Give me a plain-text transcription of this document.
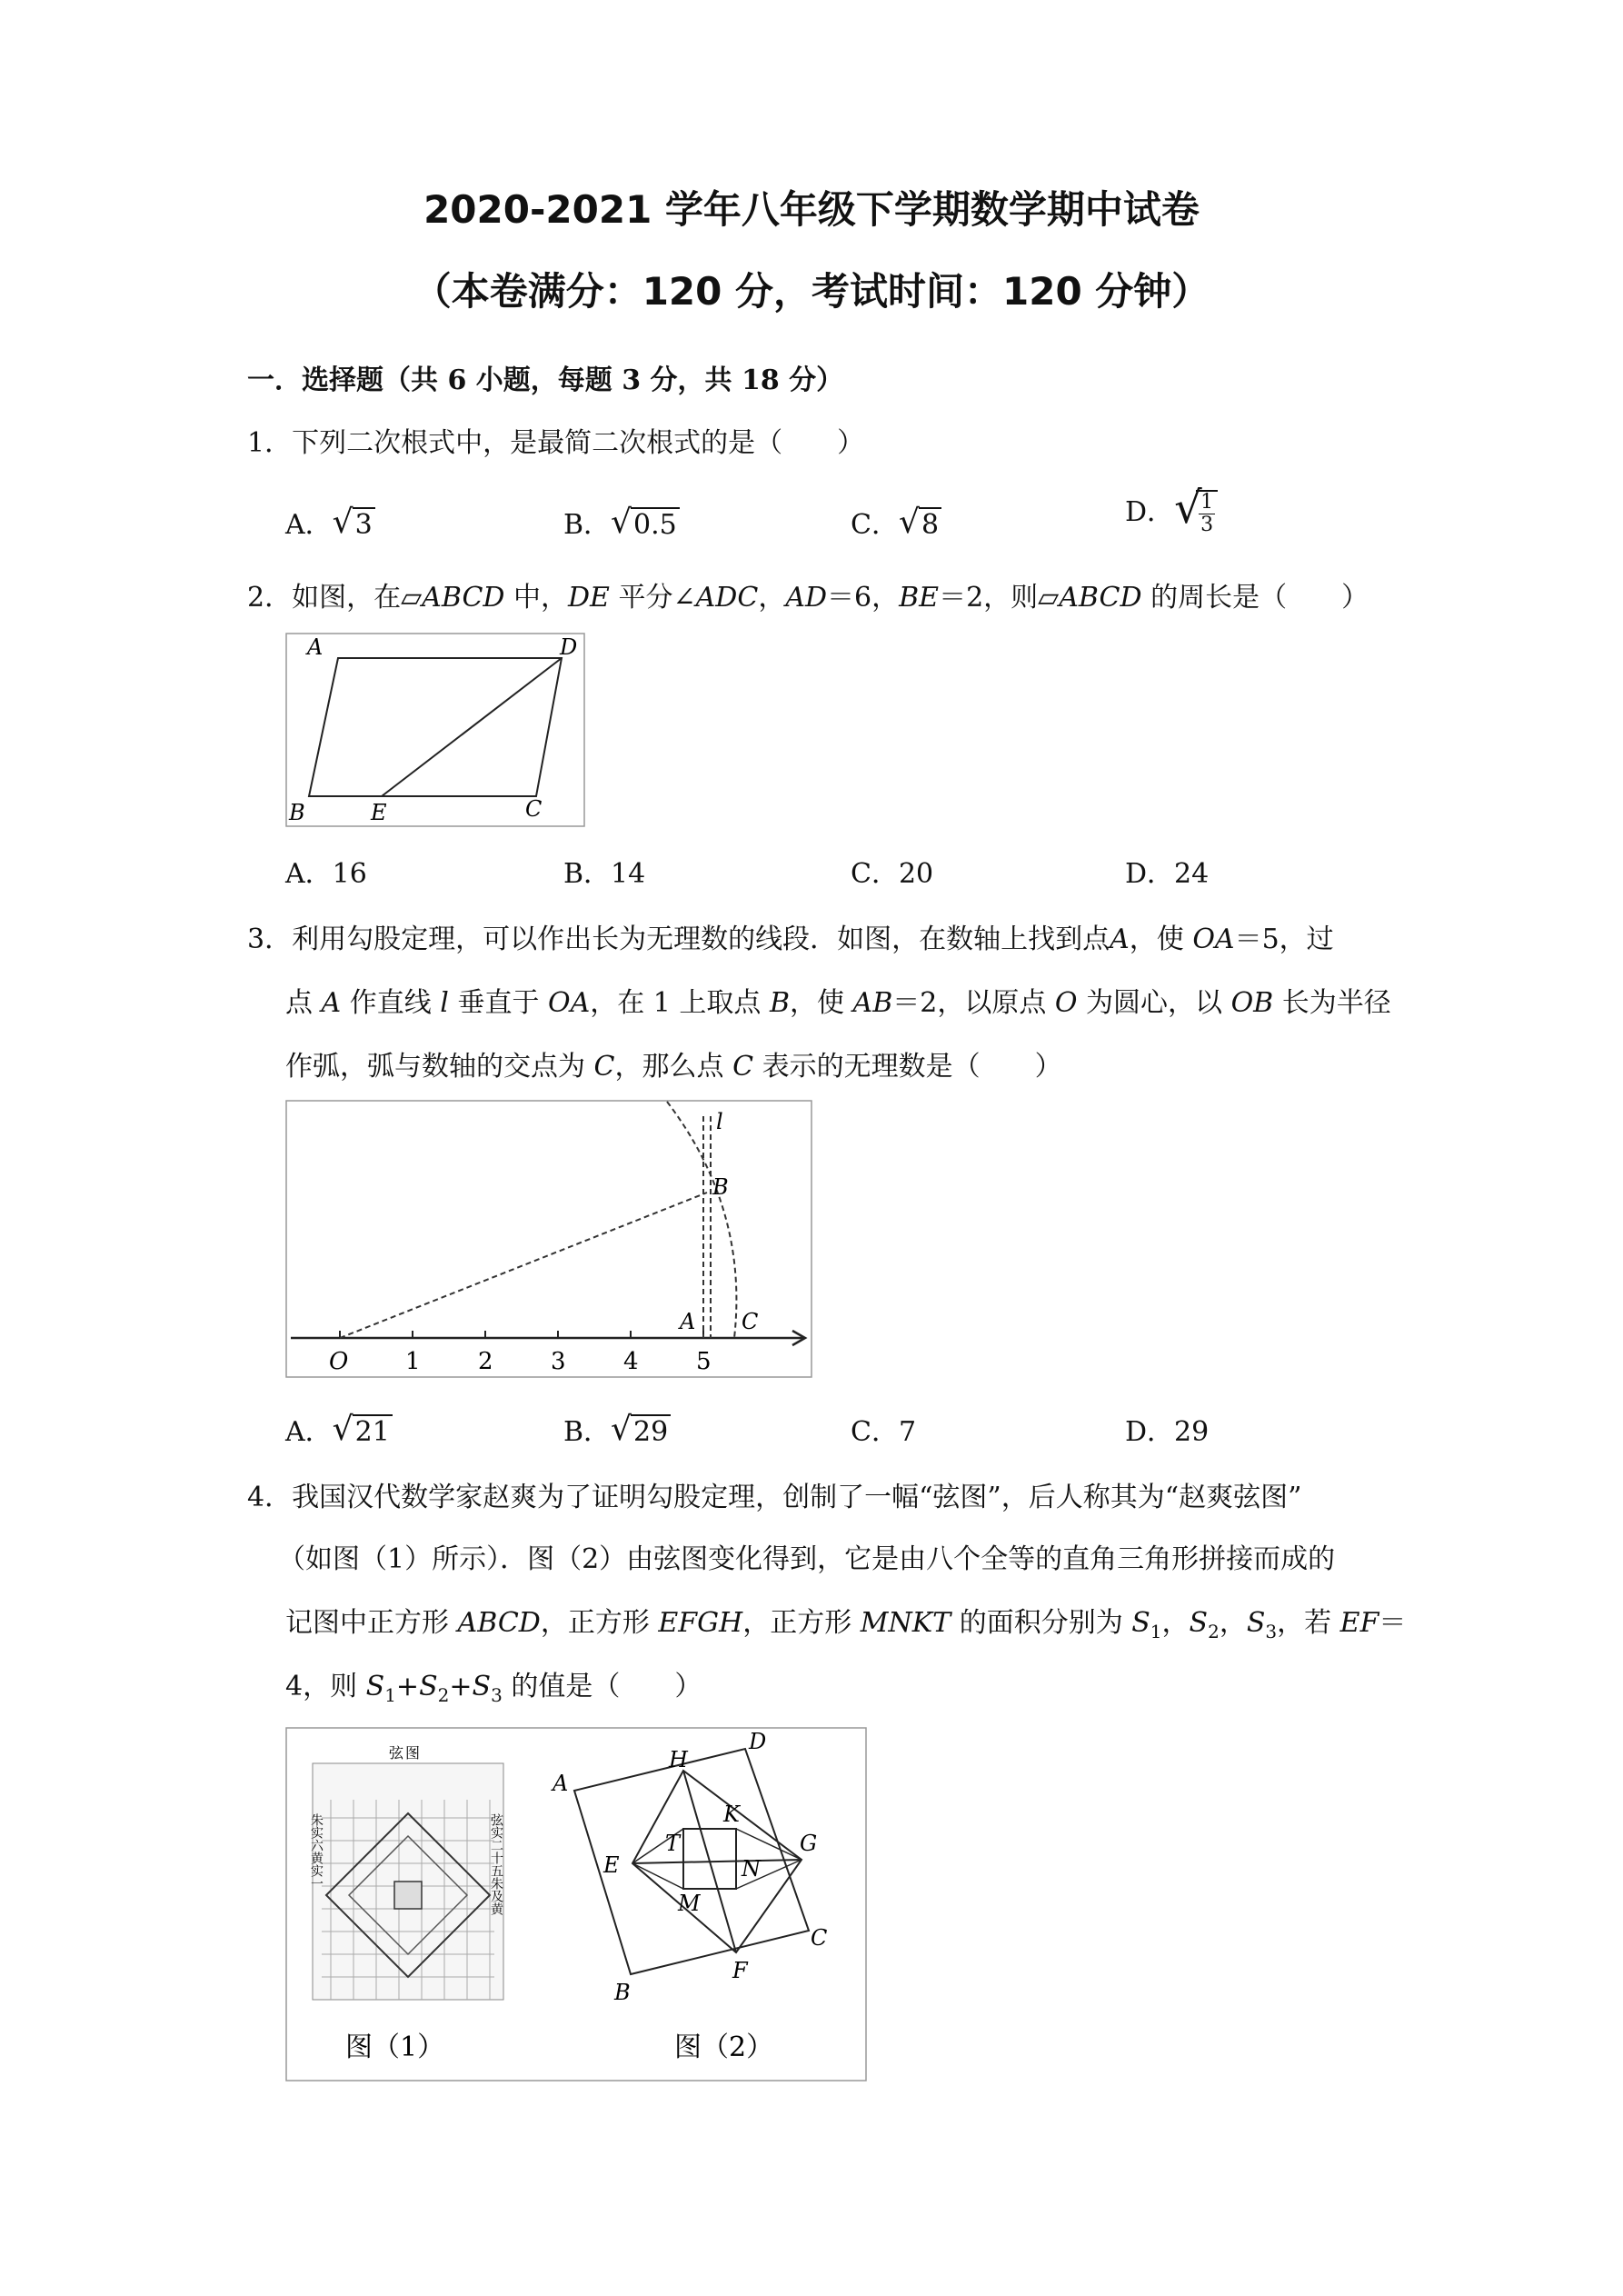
2020-2021 学年八年级下学期数学期中试卷
（本卷满分：120 分，考试时间：120 分钟）
一．选择题（共 6 小题，每题 3 分，共 18 分）
1．下列二次根式中，是最简二次根式的是（　　）
A． √ 3	B． √ 0.5	C． √ 8	D． √
$\frac{1}{3}$
2．如图，在▱ABCD 中，DE 平分∠ADC，AD＝6，BE＝2，则▱ABCD 的周长是（　　）
A	D
B	E	C
A．16	B．14	C．20	D．24
3．利用勾股定理，可以作出长为无理数的线段．如图，在数轴上找到点A，使 OA＝5，过
点 A 作直线 l 垂直于 OA，在 1 上取点 B，使 AB＝2，以原点 O 为圆心，以 OB 长为半径
作弧，弧与数轴的交点为 C，那么点 C 表示的无理数是（　　）
l
B
A C
O 1 2 3 4 5
A． √ 21	B． √ 29	C．7	D．29
4．我国汉代数学家赵爽为了证明勾股定理，创制了一幅“弦图”，后人称其为“赵爽弦图”
（如图（1）所示）．图（2）由弦图变化得到，它是由八个全等的直角三角形拼接而成的
记图中正方形 ABCD，正方形 EFGH，正方形 MNKT 的面积分别为 $S_1$，$S_2$，$S_3$，若 EF＝
4，则 $S_1+S_2+S_3$ 的值是（　　）
弦图
朱实六黄实一	弦实二十五朱及黄
图（1）
A
D
C
B
H
G
E
F
K
T
M
N
图（2）
